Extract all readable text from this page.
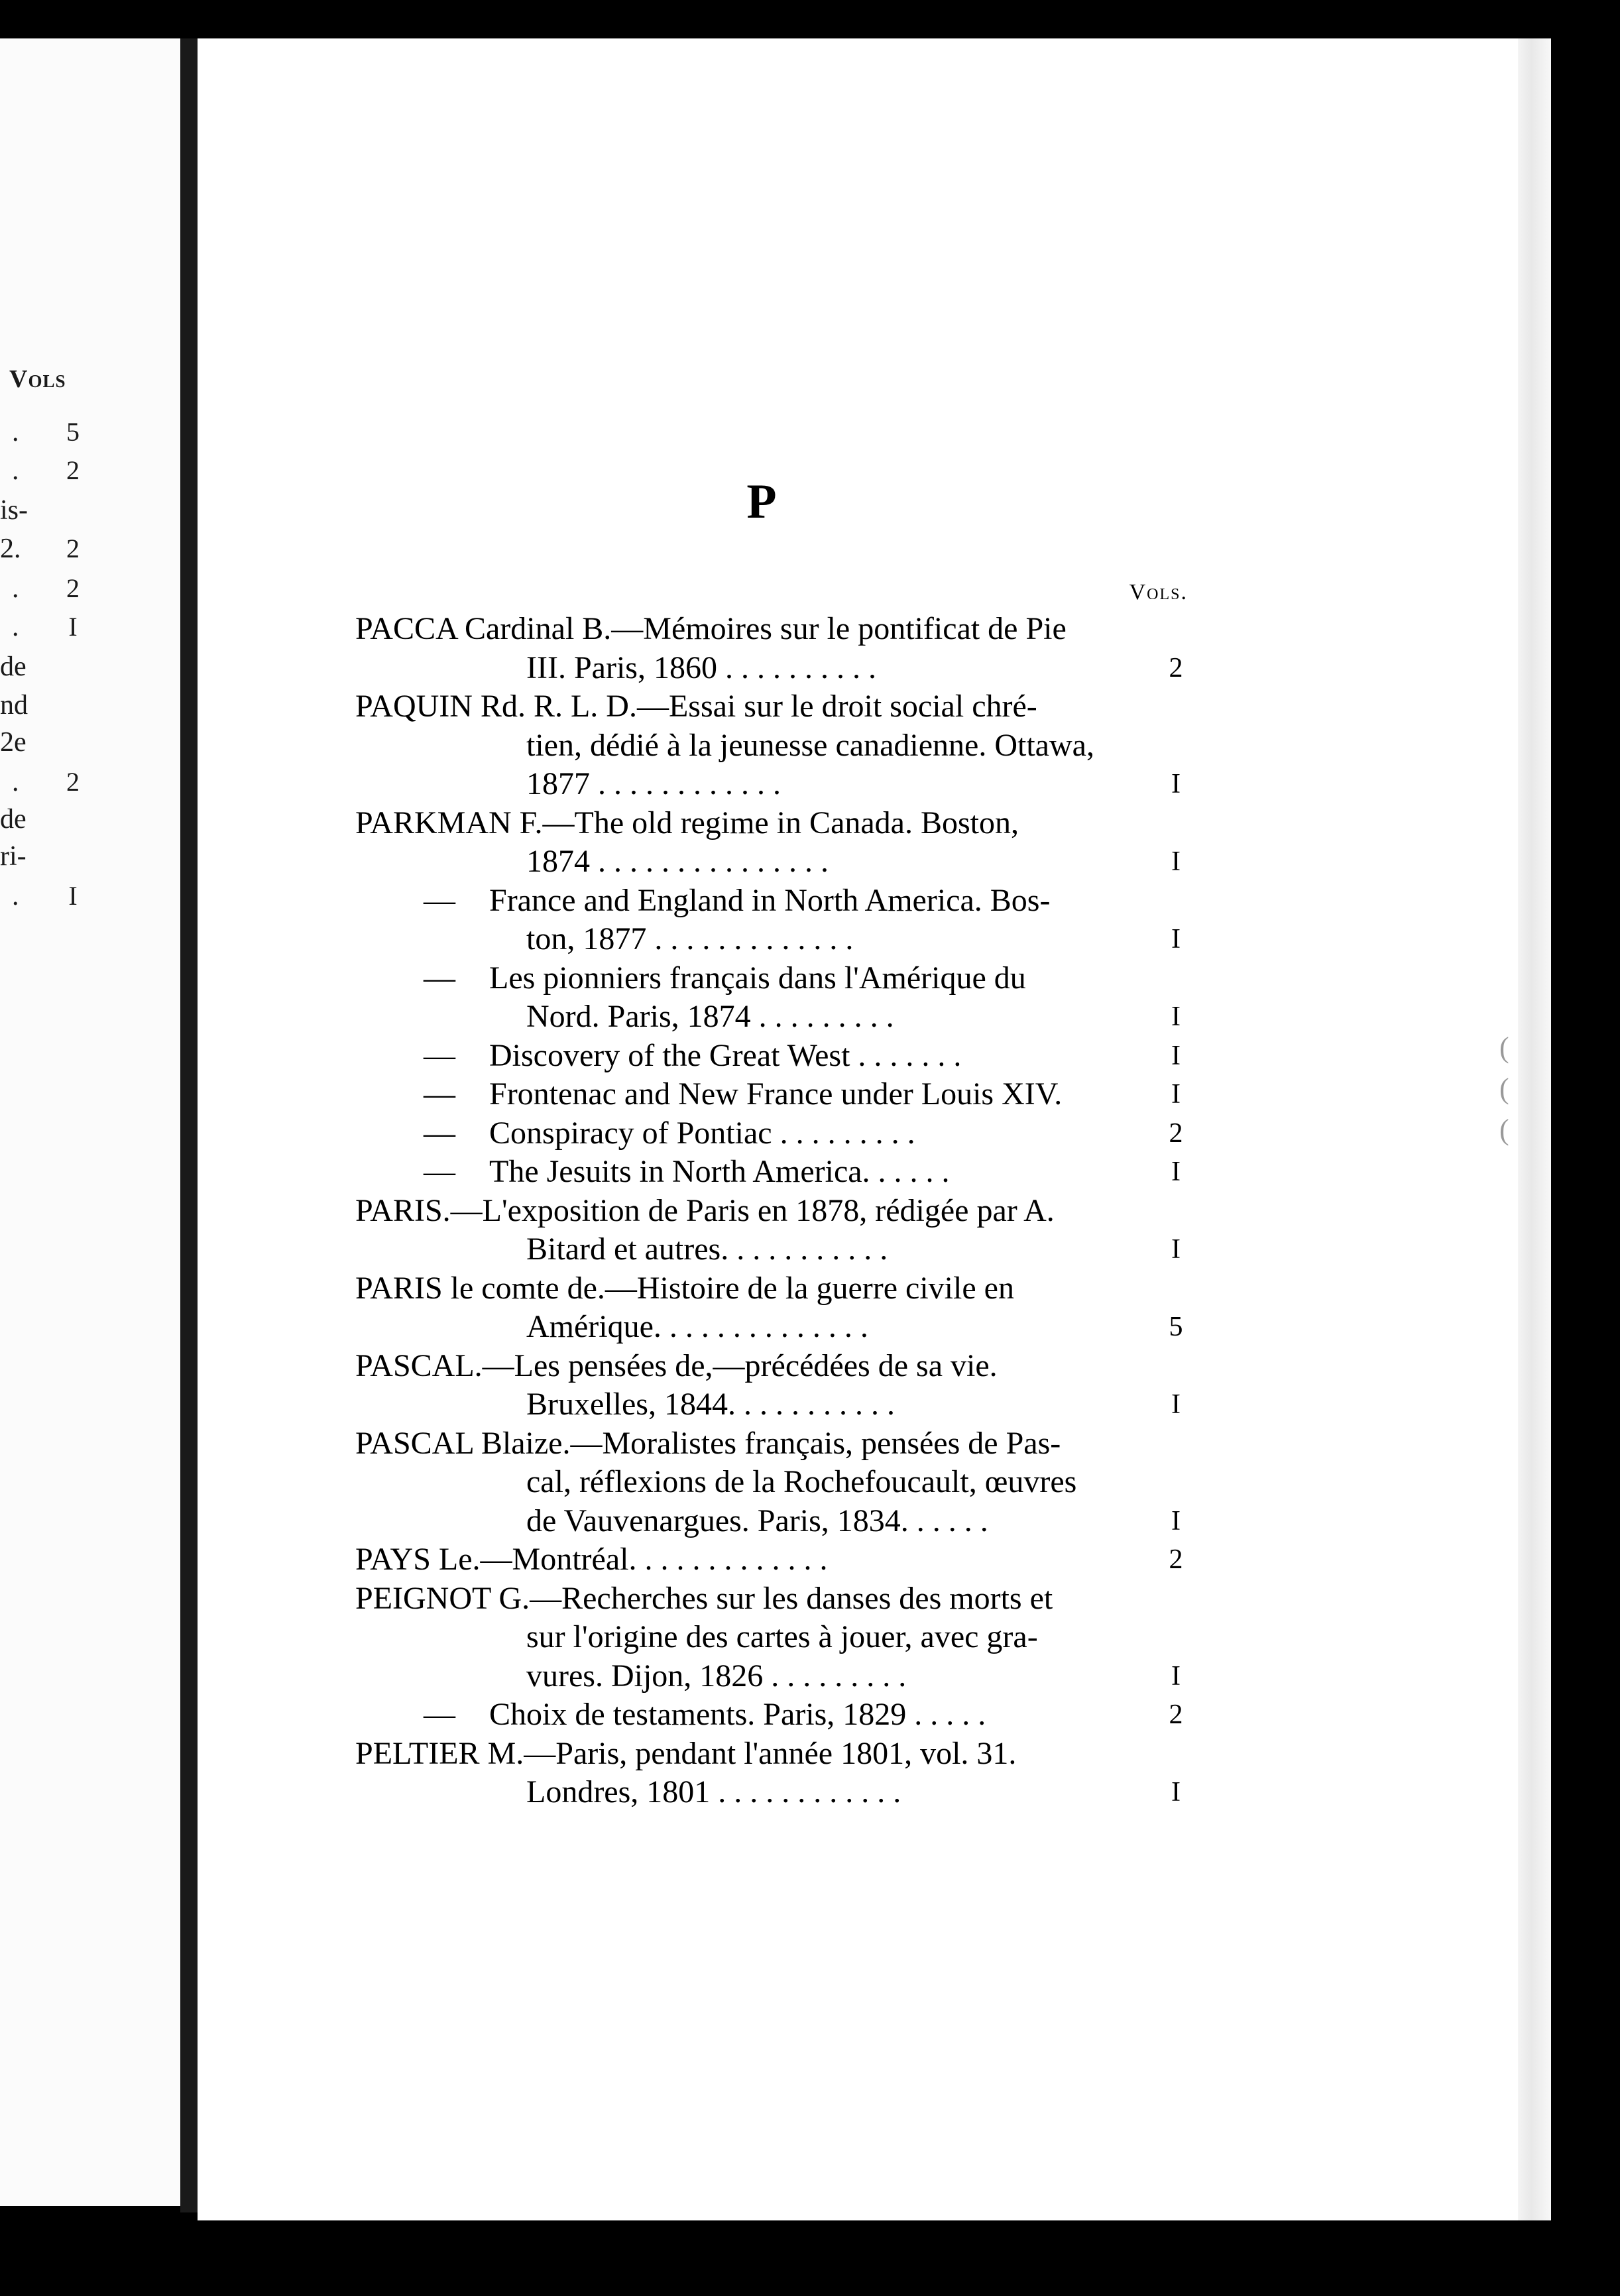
Vols
.	5
.	2
is-
2.	2
.	2
.	I
de
nd
2e
.	2
de
ri-
.	I
(
(
(
P
Vols.
PACCA Cardinal B.—Mémoires sur le pontificat de Pie
III. Paris, 1860 . . . . . . . . . .	2
PAQUIN Rd. R. L. D.—Essai sur le droit social chré-
tien, dédié à la jeunesse canadienne. Ottawa,
1877 . . . . . . . . . . . .	I
PARKMAN F.—The old regime in Canada. Boston,
1874 . . . . . . . . . . . . . . .	I
—	France and England in North America. Bos-
ton, 1877 . . . . . . . . . . . . .	I
—	Les pionniers français dans l'Amérique du
Nord. Paris, 1874 . . . . . . . . .	I
—	Discovery of the Great West . . . . . . .	I
—	Frontenac and New France under Louis XIV.	I
—	Conspiracy of Pontiac . . . . . . . . .	2
—	The Jesuits in North America. . . . . .	I
PARIS.—L'exposition de Paris en 1878, rédigée par A.
Bitard et autres. . . . . . . . . . .	I
PARIS le comte de.—Histoire de la guerre civile en
Amérique. . . . . . . . . . . . . .	5
PASCAL.—Les pensées de,—précédées de sa vie.
Bruxelles, 1844. . . . . . . . . . .	I
PASCAL Blaize.—Moralistes français, pensées de Pas-
cal, réflexions de la Rochefoucault, œuvres
de Vauvenargues. Paris, 1834. . . . . .	I
PAYS Le.—Montréal. . . . . . . . . . . . .	2
PEIGNOT G.—Recherches sur les danses des morts et
sur l'origine des cartes à jouer, avec gra-
vures. Dijon, 1826 . . . . . . . . .	I
—	Choix de testaments. Paris, 1829 . . . . .	2
PELTIER M.—Paris, pendant l'année 1801, vol. 31.
Londres, 1801 . . . . . . . . . . . .	I
